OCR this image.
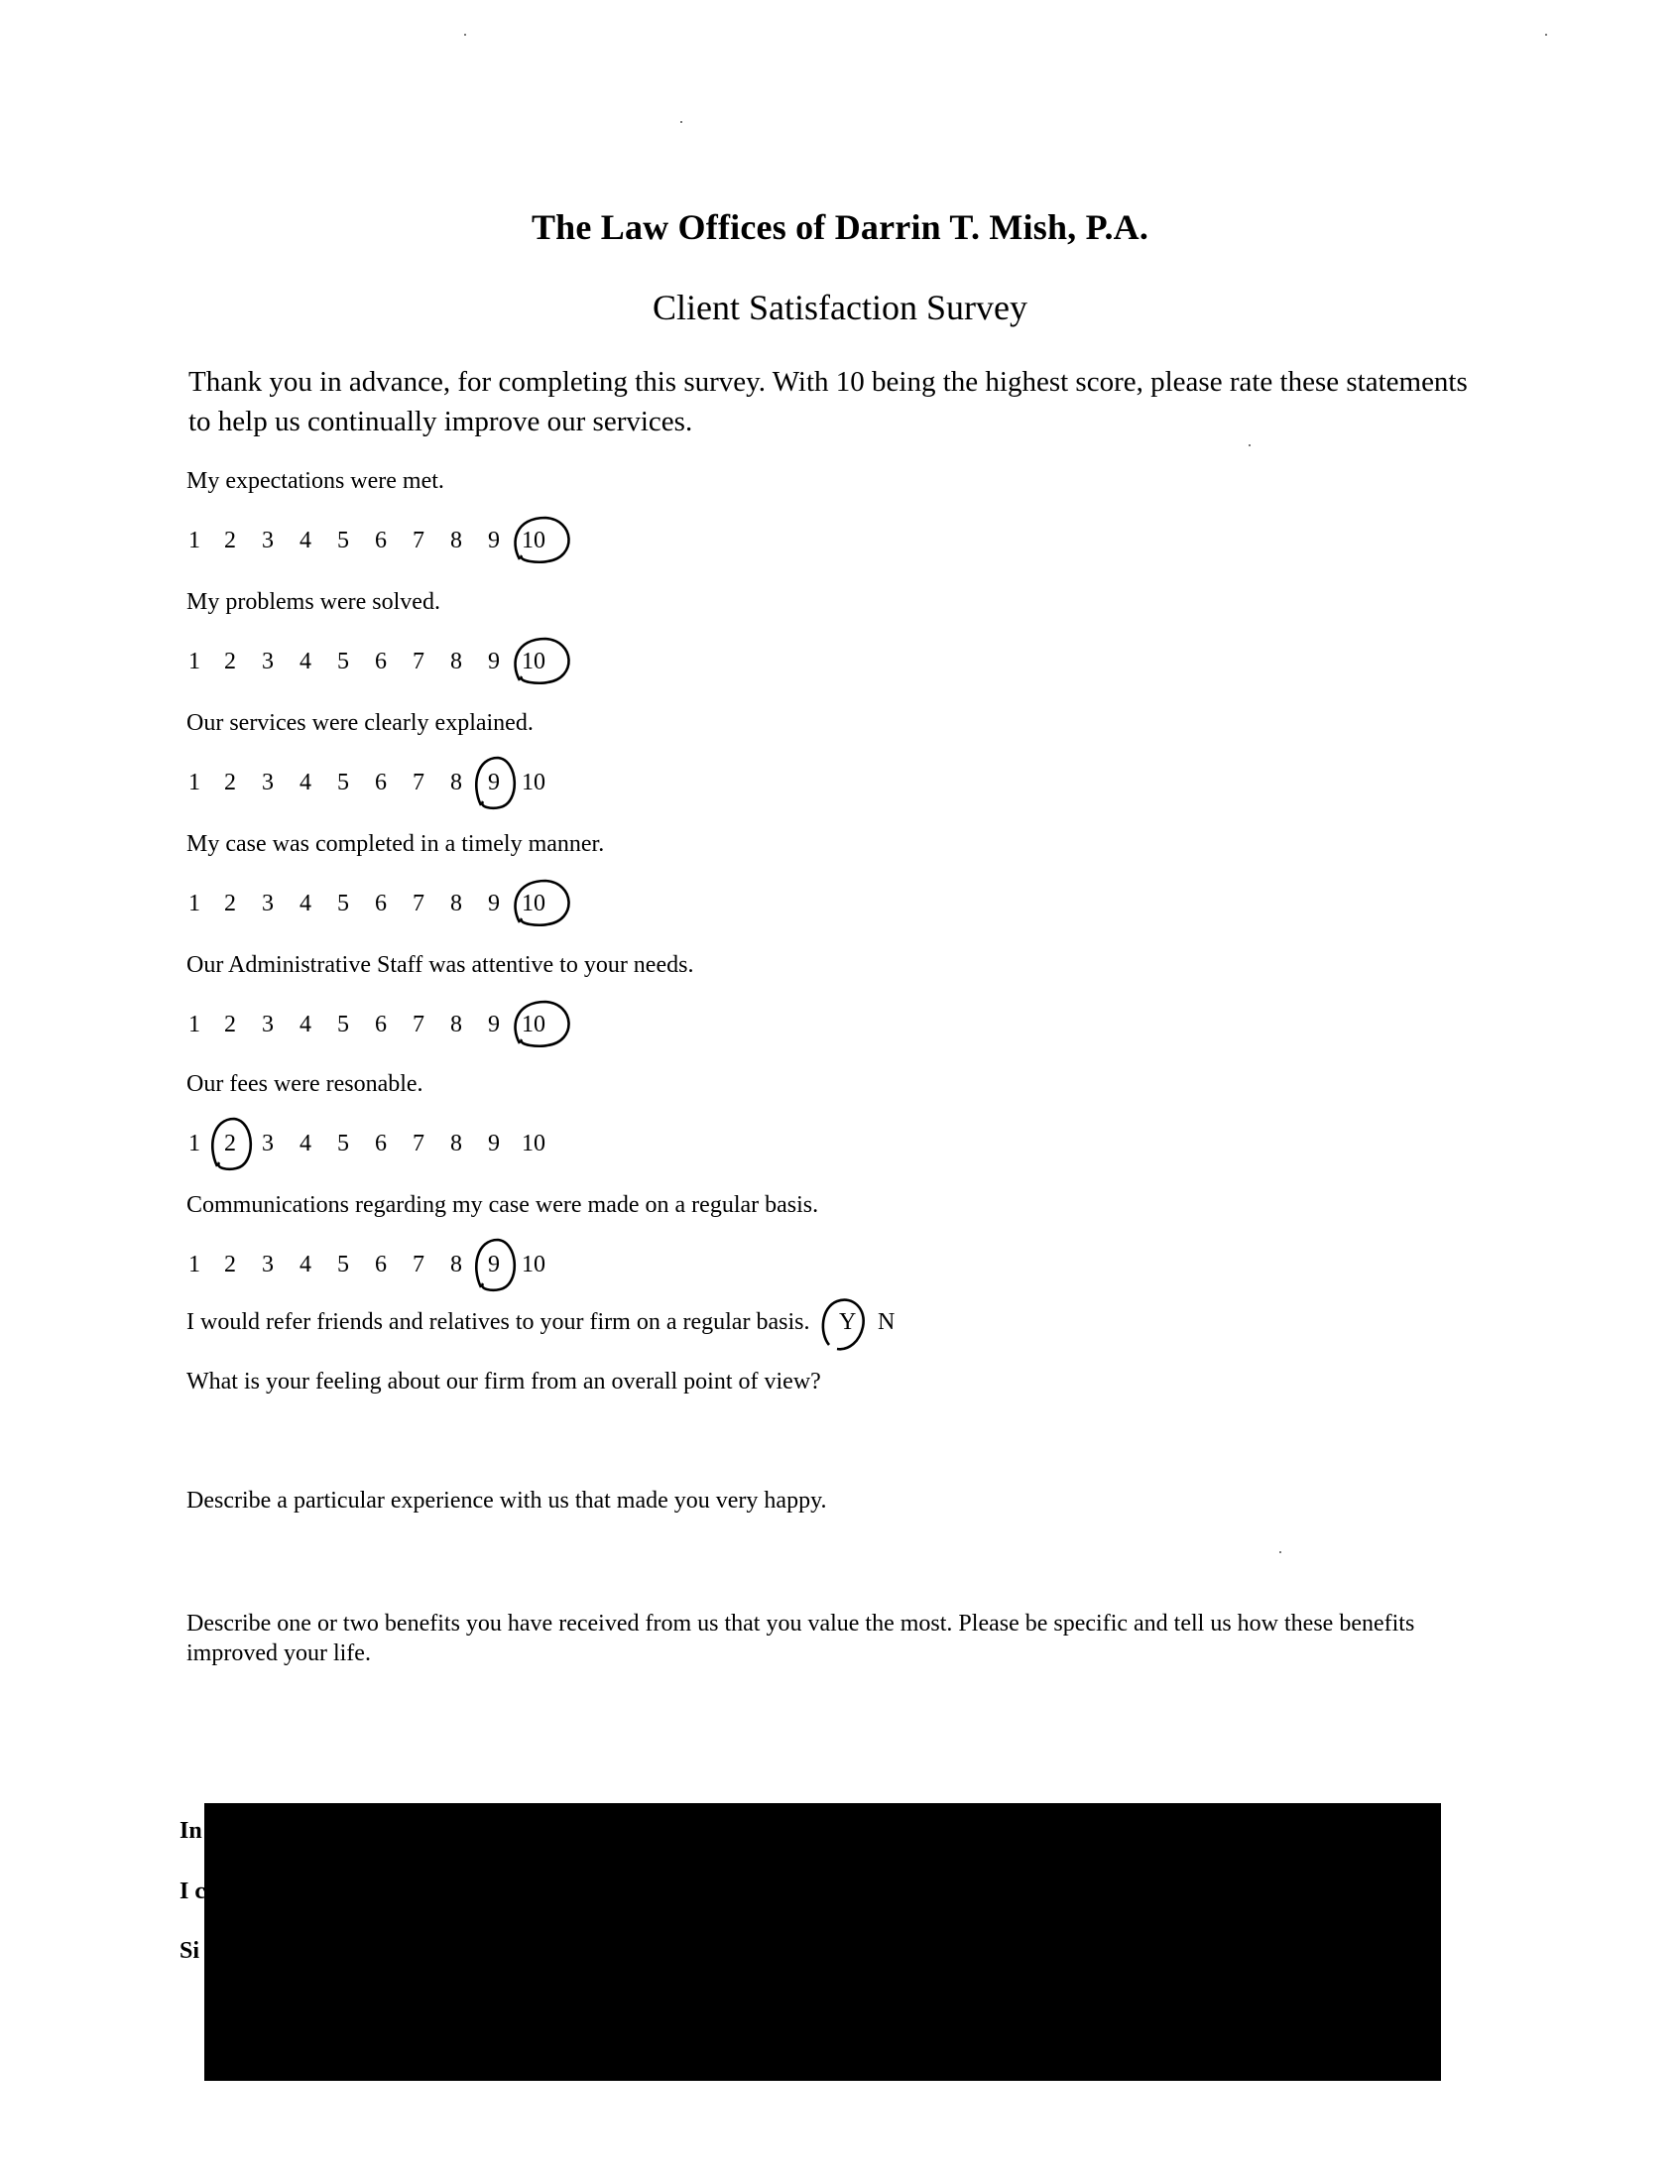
The Law Offices of Darrin T. Mish, P.A.
Client Satisfaction Survey
Thank you in advance, for completing this survey. With 10 being the highest score, please rate these statements to help us continually improve our services.
My expectations were met.
1 2 3 4 5 6 7 8 9 10
My problems were solved.
1 2 3 4 5 6 7 8 9 10
Our services were clearly explained.
1 2 3 4 5 6 7 8 9 10
My case was completed in a timely manner.
1 2 3 4 5 6 7 8 9 10
Our Administrative Staff was attentive to your needs.
1 2 3 4 5 6 7 8 9 10
Our fees were resonable.
1 2 3 4 5 6 7 8 9 10
Communications regarding my case were made on a regular basis.
1 2 3 4 5 6 7 8 9 10
I would refer friends and relatives to your firm on a regular basis. Y N
What is your feeling about our firm from an overall point of view?
Describe a particular experience with us that made you very happy.
Describe one or two benefits you have received from us that you value the most. Please be specific and tell us how these benefits improved your life.
In
I c
Si
